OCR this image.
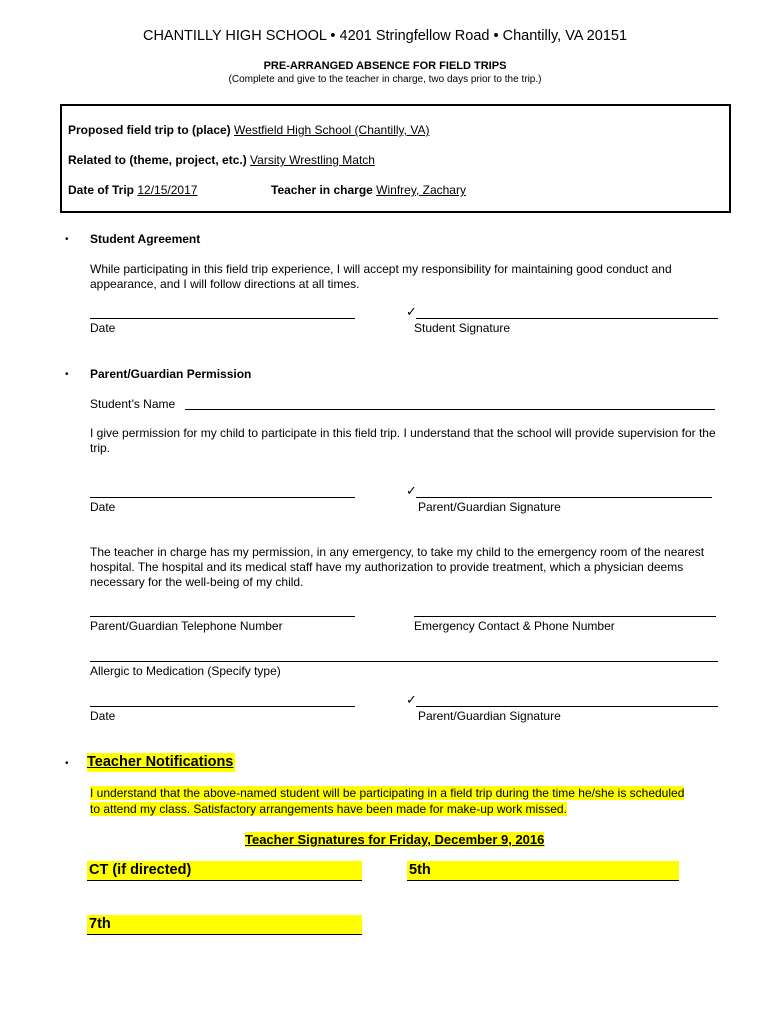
CHANTILLY HIGH SCHOOL • 4201 Stringfellow Road • Chantilly, VA 20151
PRE-ARRANGED ABSENCE FOR FIELD TRIPS
(Complete and give to the teacher in charge, two days prior to the trip.)
Proposed field trip to (place) Westfield High School (Chantilly, VA)
Related to (theme, project, etc.) Varsity Wrestling Match
Date of Trip 12/15/2017	Teacher in charge Winfrey, Zachary
• Student Agreement
While participating in this field trip experience, I will accept my responsibility for maintaining good conduct and appearance, and I will follow directions at all times.
✓
Date	Student Signature
• Parent/Guardian Permission
Student’s Name
I give permission for my child to participate in this field trip. I understand that the school will provide supervision for the trip.
✓
Date	Parent/Guardian Signature
The teacher in charge has my permission, in any emergency, to take my child to the emergency room of the nearest hospital. The hospital and its medical staff have my authorization to provide treatment, which a physician deems necessary for the well-being of my child.
Parent/Guardian Telephone Number	Emergency Contact & Phone Number
Allergic to Medication (Specify type)
✓
Date	Parent/Guardian Signature
• Teacher Notifications
I understand that the above-named student will be participating in a field trip during the time he/she is scheduled
to attend my class. Satisfactory arrangements have been made for make-up work missed.
Teacher Signatures for Friday, December 9, 2016
CT (if directed)	5th
7th
